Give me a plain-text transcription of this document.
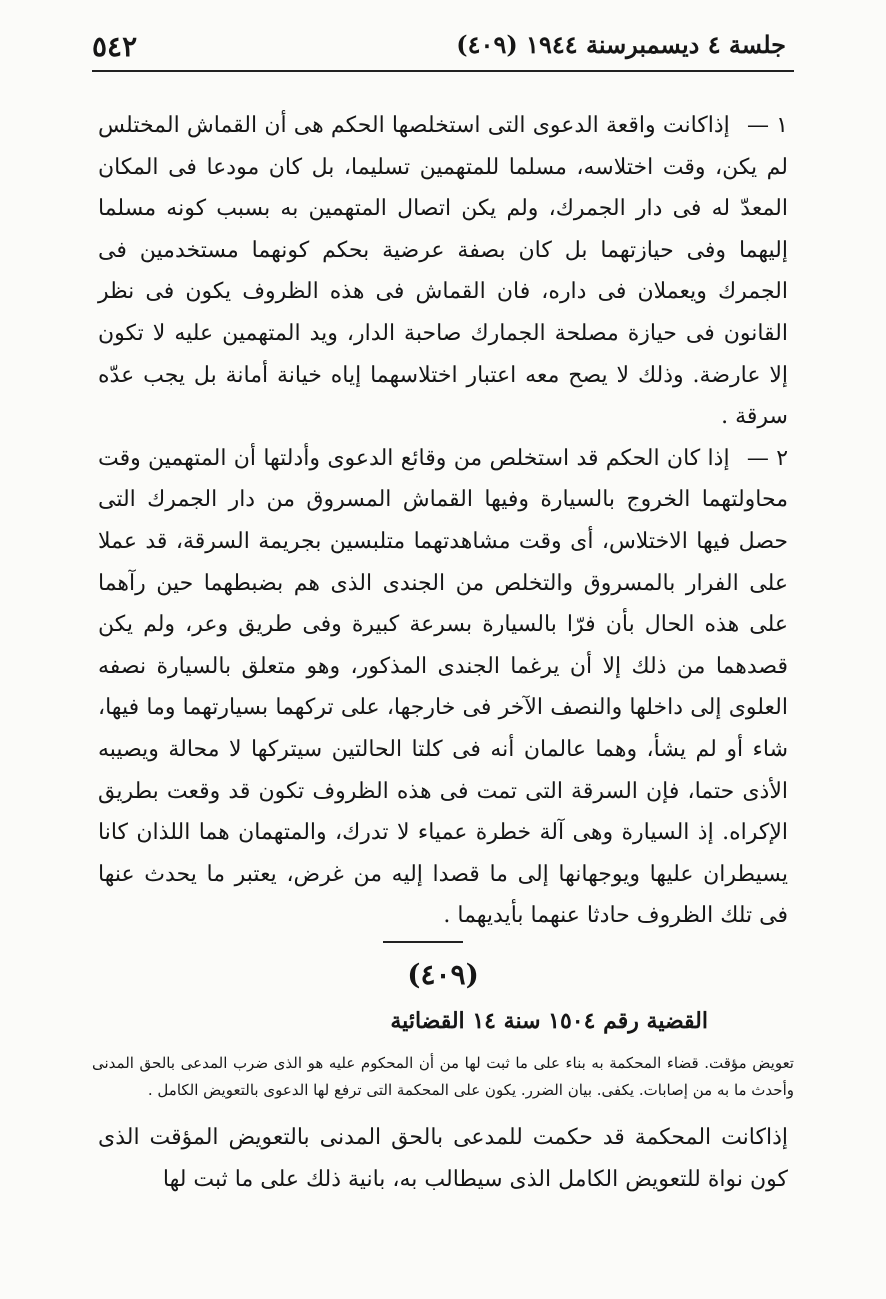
٥٤٢	جلسة ٤ ديسمبرسنة ١٩٤٤ (٤٠٩)

١ — إذاكانت واقعة الدعوى التى استخلصها الحكم هى أن القماش المختلس لم يكن، وقت اختلاسه، مسلما للمتهمين تسليما، بل كان مودعا فى المكان المعدّ له فى دار الجمرك، ولم يكن اتصال المتهمين به بسبب كونه مسلما إليهما وفى حيازتهما بل كان بصفة عرضية بحكم كونهما مستخدمين فى الجمرك ويعملان فى داره، فان القماش فى هذه الظروف يكون فى نظر القانون فى حيازة مصلحة الجمارك صاحبة الدار، ويد المتهمين عليه لا تكون إلا عارضة. وذلك لا يصح معه اعتبار اختلاسهما إياه خيانة أمانة بل يجب عدّه سرقة .

٢ — إذا كان الحكم قد استخلص من وقائع الدعوى وأدلتها أن المتهمين وقت محاولتهما الخروج بالسيارة وفيها القماش المسروق من دار الجمرك التى حصل فيها الاختلاس، أى وقت مشاهدتهما متلبسين بجريمة السرقة، قد عملا على الفرار بالمسروق والتخلص من الجندى الذى هم بضبطهما حين رآهما على هذه الحال بأن فرّا بالسيارة بسرعة كبيرة وفى طريق وعر، ولم يكن قصدهما من ذلك إلا أن يرغما الجندى المذكور، وهو متعلق بالسيارة نصفه العلوى إلى داخلها والنصف الآخر فى خارجها، على تركهما بسيارتهما وما فيها، شاء أو لم يشأ، وهما عالمان أنه فى كلتا الحالتين سيتركها لا محالة ويصيبه الأذى حتما، فإن السرقة التى تمت فى هذه الظروف تكون قد وقعت بطريق الإكراه. إذ السيارة وهى آلة خطرة عمياء لا تدرك، والمتهمان هما اللذان كانا يسيطران عليها ويوجهانها إلى ما قصدا إليه من غرض، يعتبر ما يحدث عنها فى تلك الظروف حادثا عنهما بأيديهما .

(٤٠٩)
القضية رقم ١٥٠٤ سنة ١٤ القضائية
تعويض مؤقت. قضاء المحكمة به بناء على ما ثبت لها من أن المحكوم عليه هو الذى ضرب المدعى بالحق المدنى وأحدث ما به من إصابات. يكفى. بيان الضرر. يكون على المحكمة التى ترفع لها الدعوى بالتعويض الكامل .
إذاكانت المحكمة قد حكمت للمدعى بالحق المدنى بالتعويض المؤقت الذى كون نواة للتعويض الكامل الذى سيطالب به، بانية ذلك على ما ثبت لها
